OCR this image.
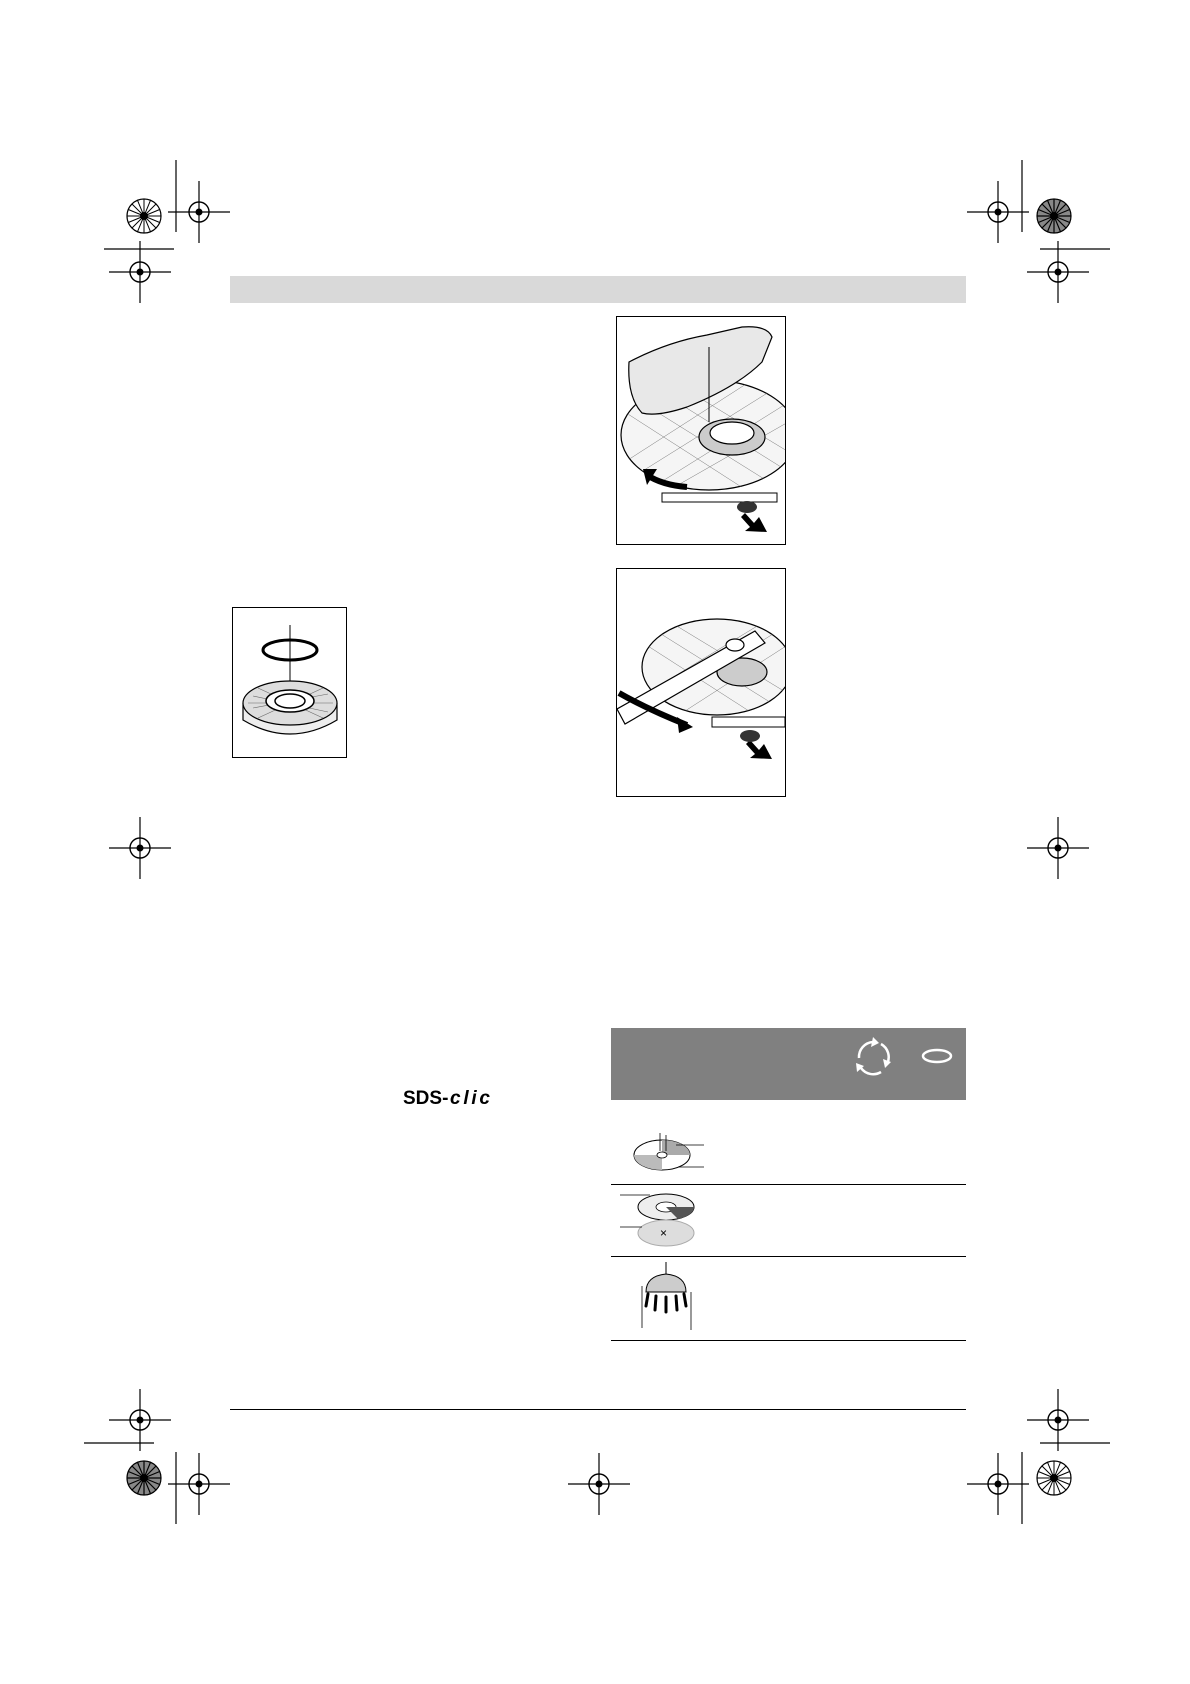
SDS- clic
×
